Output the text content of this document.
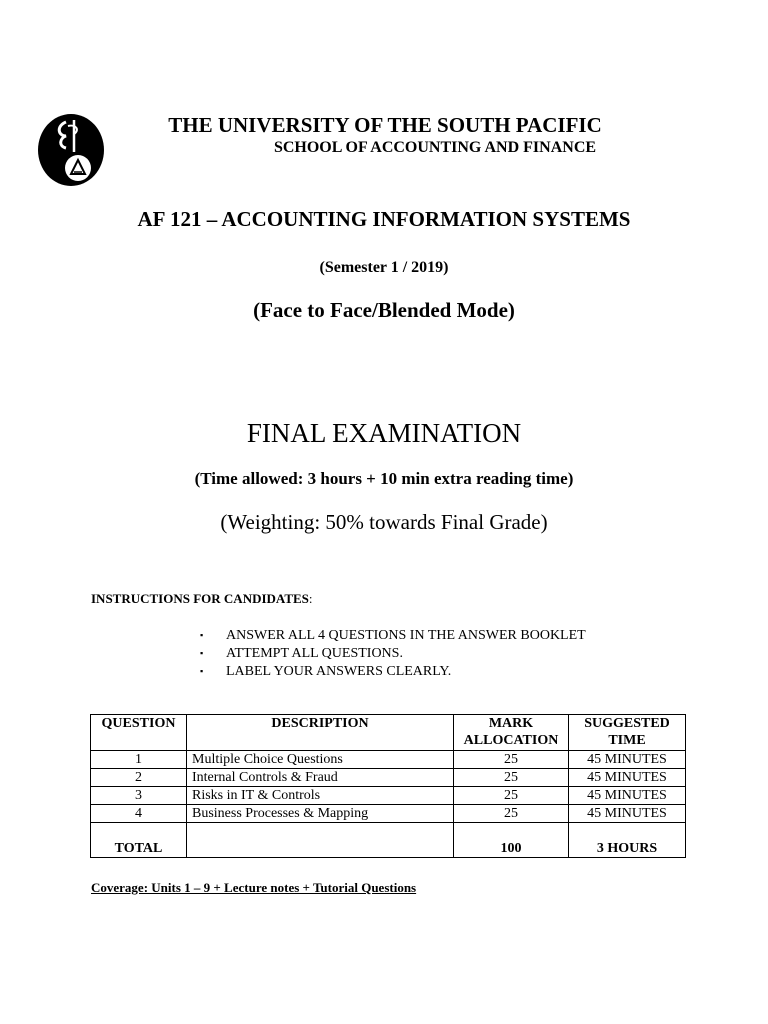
THE UNIVERSITY OF THE SOUTH PACIFIC
SCHOOL OF ACCOUNTING AND FINANCE
AF 121 – ACCOUNTING INFORMATION SYSTEMS
(Semester 1 / 2019)
(Face to Face/Blended Mode)
FINAL EXAMINATION
(Time allowed: 3 hours + 10 min extra reading time)
(Weighting: 50% towards Final Grade)
INSTRUCTIONS FOR CANDIDATES:
▪ ANSWER ALL 4 QUESTIONS IN THE ANSWER BOOKLET
▪ ATTEMPT ALL QUESTIONS.
▪ LABEL YOUR ANSWERS CLEARLY.
QUESTION	DESCRIPTION	MARK ALLOCATION	SUGGESTED TIME
1	Multiple Choice Questions	25	45 MINUTES
2	Internal Controls & Fraud	25	45 MINUTES
3	Risks in IT & Controls	25	45 MINUTES
4	Business Processes & Mapping	25	45 MINUTES
TOTAL		100	3 HOURS
Coverage: Units 1 – 9 + Lecture notes + Tutorial Questions
